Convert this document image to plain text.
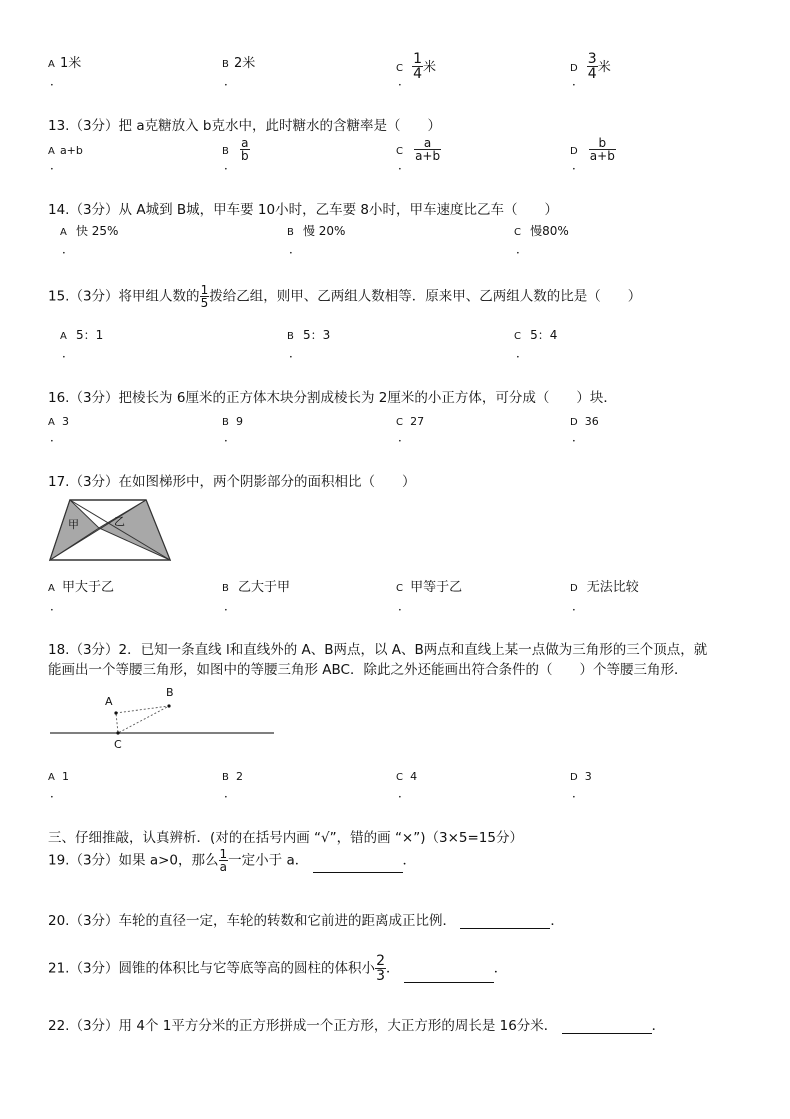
A 1米
．
B 2米
．
C $\frac{1}{4}$ 米
．
D $\frac{3}{4}$ 米
．
13.（3分）把 a克糖放入 b克水中，此时糖水的含糖率是（　　）
A a+b
．
B $\frac{a}{b}$
．
C $\frac{a}{a+b}$
．
D $\frac{b}{a+b}$
．
14.（3分）从 A城到 B城，甲车要 10小时，乙车要 8小时，甲车速度比乙车（　　）
A 快 25%
．
B 慢 20%
．
C 慢80%
．
15.（3分）将甲组人数的 $\frac{1}{5}$ 拨给乙组，则甲、乙两组人数相等．原来甲、乙两组人数的比是（　　）
A 5：1
．
B 5：3
．
C 5：4
．
16.（3分）把棱长为 6厘米的正方体木块分割成棱长为 2厘米的小正方体，可分成（　　）块．
A 3
．
B 9
．
C 27
．
D 36
．
17.（3分）在如图梯形中，两个阴影部分的面积相比（　　）
甲	乙
A 甲大于乙
．
B 乙大于甲
．
C 甲等于乙
．
D 无法比较
．
18.（3分）2．已知一条直线 l和直线外的 A、B两点，以 A、B两点和直线上某一点做为三角形的三个顶点，就
能画出一个等腰三角形，如图中的等腰三角形 ABC．除此之外还能画出符合条件的（　　）个等腰三角形．
A
B
C
A 1
．
B 2
．
C 4
．
D 3
．
三、仔细推敲，认真辨析．(对的在括号内画 “√”，错的画 “×”)（3×5=15分）
19.（3分）如果 a>0，那么 $\frac{1}{a}$ 一定小于 a．	．
20.（3分）车轮的直径一定，车轮的转数和它前进的距离成正比例．	．
21.（3分）圆锥的体积比与它等底等高的圆柱的体积小 $\frac{2}{3}$ ．	．
22.（3分）用 4个 1平方分米的正方形拼成一个正方形，大正方形的周长是 16分米．	．
